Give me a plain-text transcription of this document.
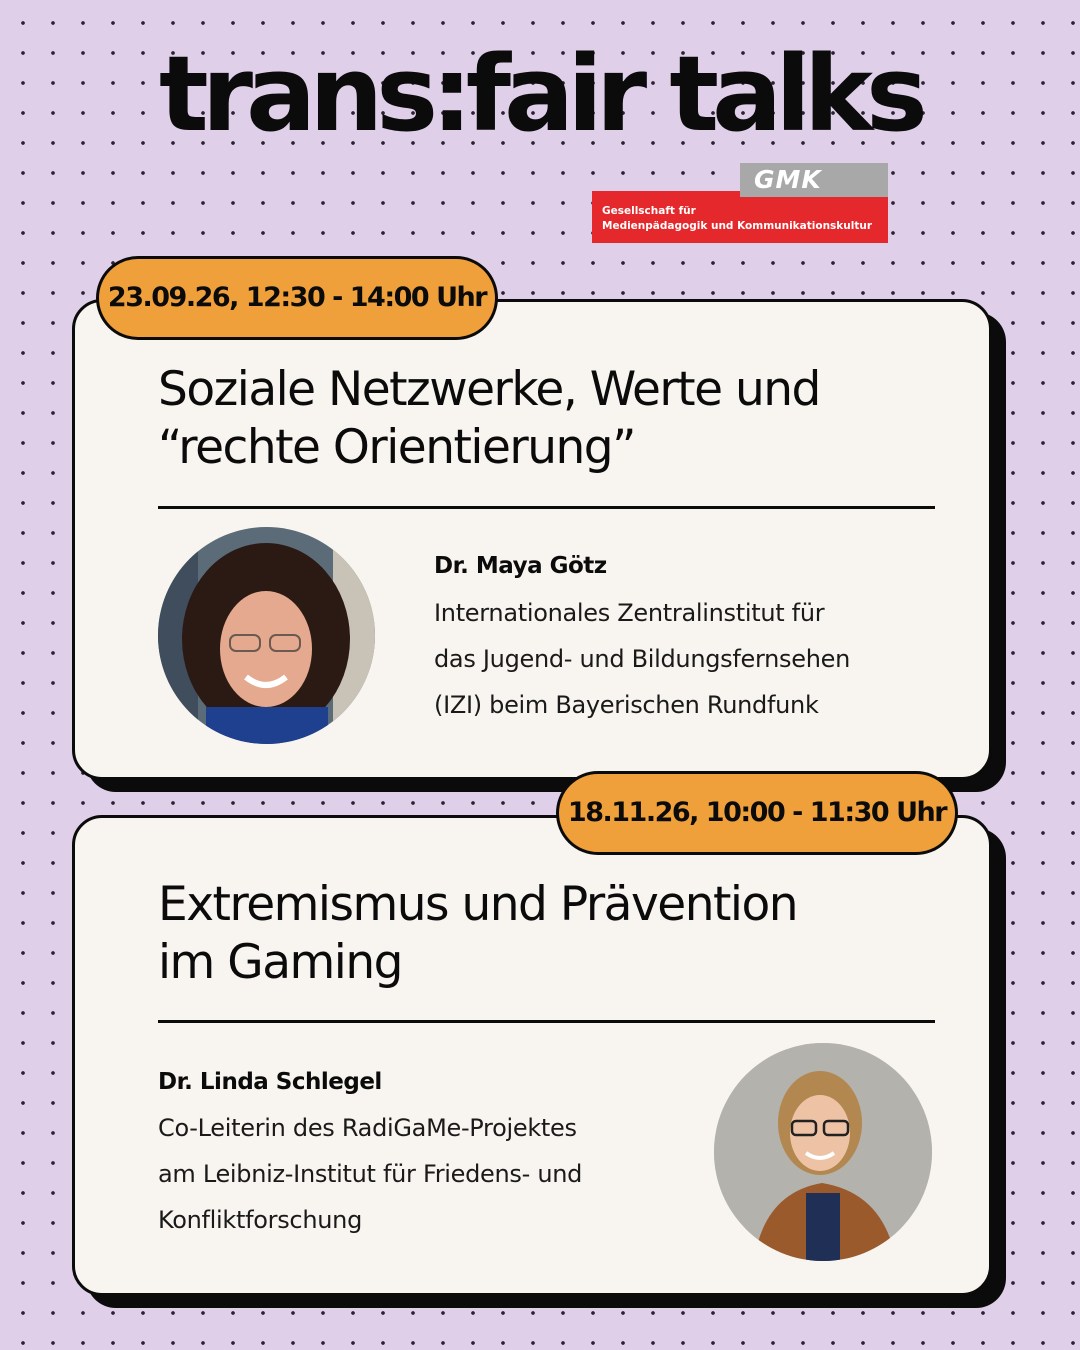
trans:fair talks
Gesellschaft für
Medienpädagogik und Kommunikationskultur
GMK
23.09.26, 12:30 - 14:00 Uhr
Soziale Netzwerke, Werte und
“rechte Orientierung”
Dr. Maya Götz
Internationales Zentralinstitut für
das Jugend- und Bildungsfernsehen
(IZI) beim Bayerischen Rundfunk
18.11.26, 10:00 - 11:30 Uhr
Extremismus und Prävention
im Gaming
Dr. Linda Schlegel
Co-Leiterin des RadiGaMe-Projektes
am Leibniz-Institut für Friedens- und
Konfliktforschung
